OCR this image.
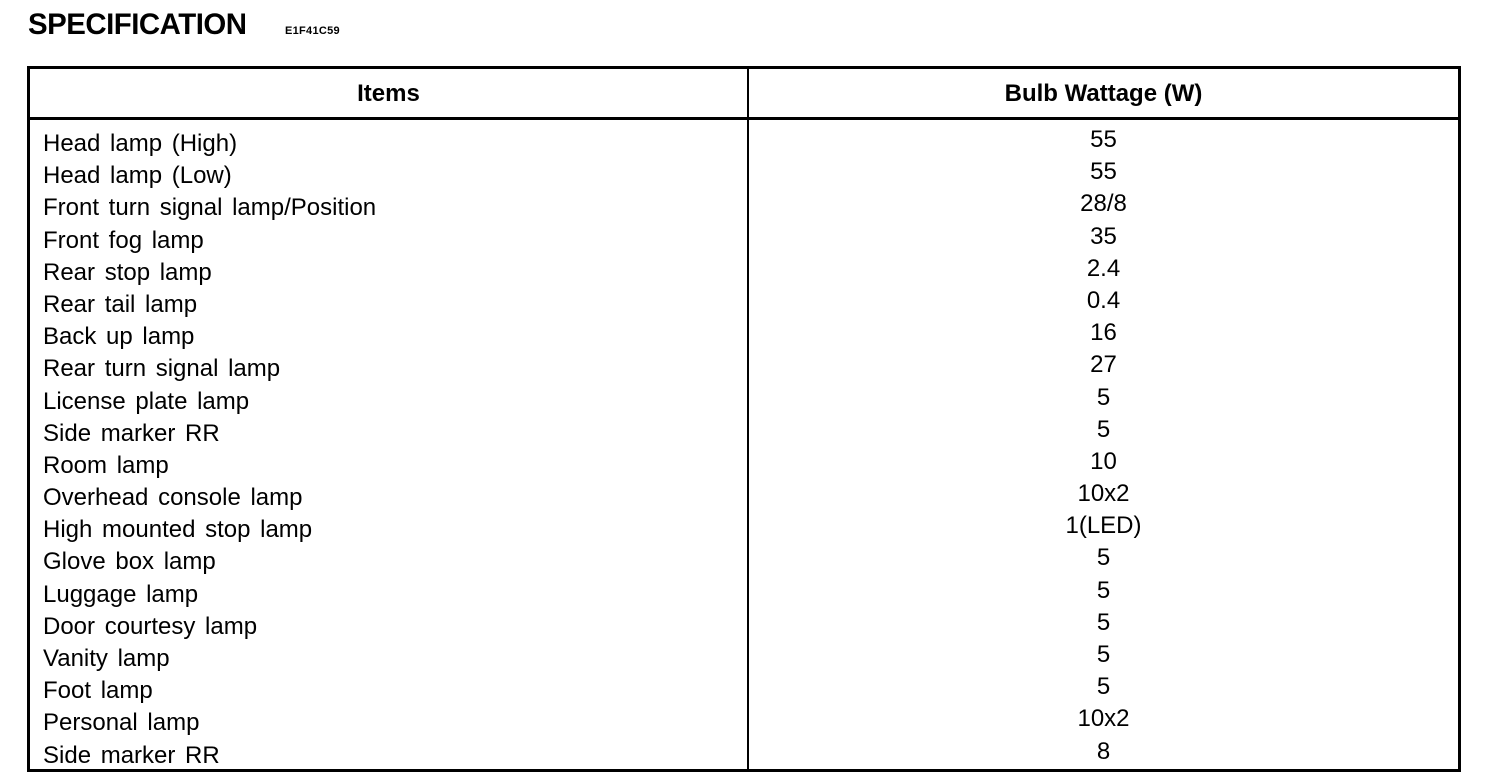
SPECIFICATION	E1F41C59
Items	Bulb Wattage (W)
Head lamp (High)	55
Head lamp (Low)	55
Front turn signal lamp/Position	28/8
Front fog lamp	35
Rear stop lamp	2.4
Rear tail lamp	0.4
Back up lamp	16
Rear turn signal lamp	27
License plate lamp	5
Side marker RR	5
Room lamp	10
Overhead console lamp	10x2
High mounted stop lamp	1(LED)
Glove box lamp	5
Luggage lamp	5
Door courtesy lamp	5
Vanity lamp	5
Foot lamp	5
Personal lamp	10x2
Side marker RR	8
